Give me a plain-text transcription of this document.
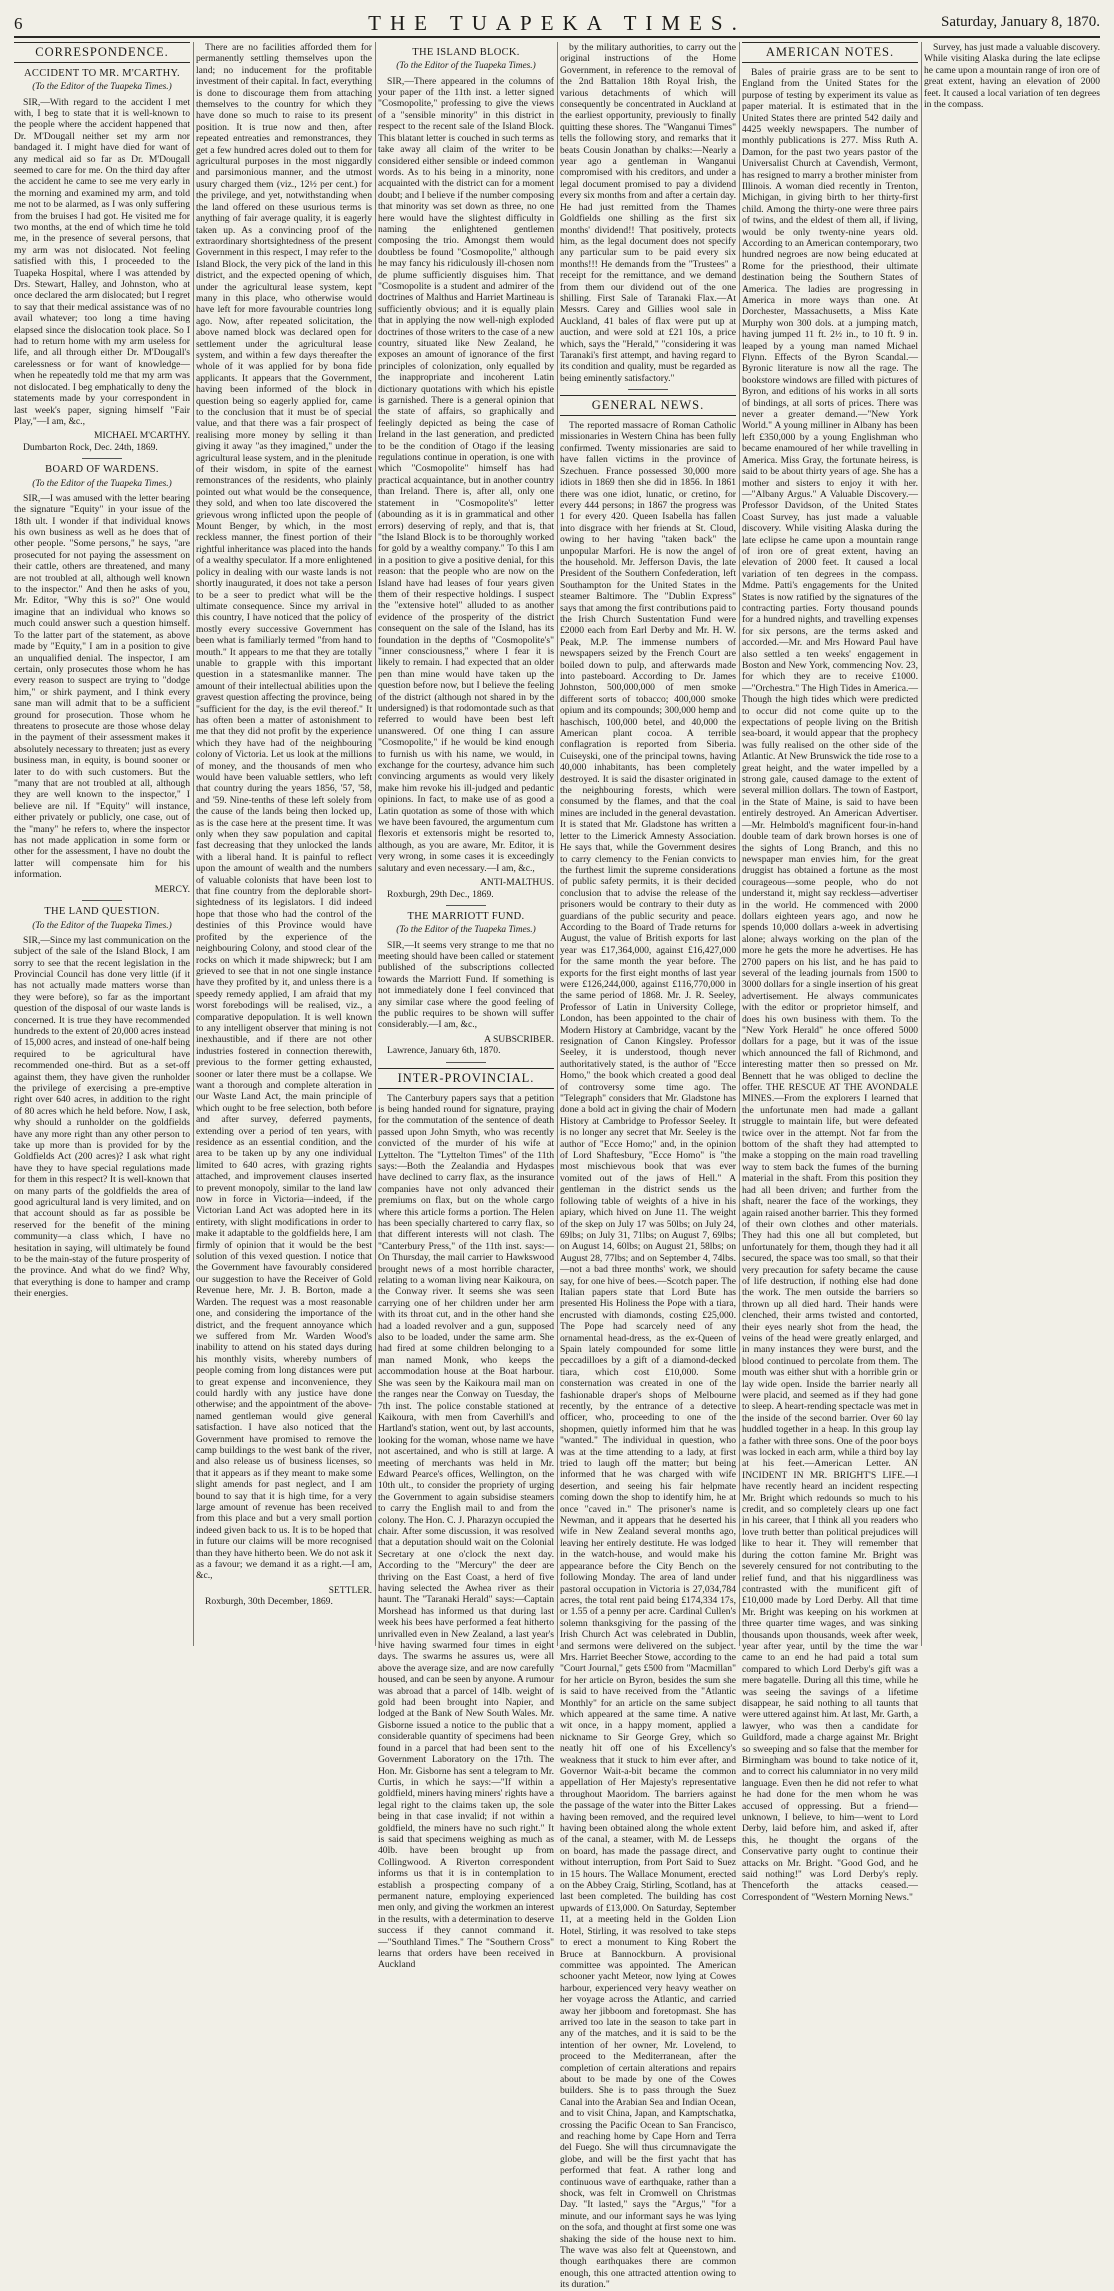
6	THE TUAPEKA TIMES.	Saturday, January 8, 1870.
CORRESPONDENCE.
ACCIDENT TO MR. M'CARTHY.
(To the Editor of the Tuapeka Times.)

SIR,—With regard to the accident I met with, I beg to state that it is well-known to the people where the accident happened that Dr. M'Dougall neither set my arm nor bandaged it. I might have died for want of any medical aid so far as Dr. M'Dougall seemed to care for me. On the third day after the accident he came to see me very early in the morning and examined my arm, and told me not to be alarmed, as I was only suffering from the bruises I had got. He visited me for two months, at the end of which time he told me, in the presence of several persons, that my arm was not dislocated. Not feeling satisfied with this, I proceeded to the Tuapeka Hospital, where I was attended by Drs. Stewart, Halley, and Johnston, who at once declared the arm dislocated; but I regret to say that their medical assistance was of no avail whatever; too long a time having elapsed since the dislocation took place. So I had to return home with my arm useless for life, and all through either Dr. M'Dougall's carelessness or for want of knowledge—when he repeatedly told me that my arm was not dislocated. I beg emphatically to deny the statements made by your correspondent in last week's paper, signing himself "Fair Play,"—I am, &c.,

MICHAEL M'CARTHY.

Dumbarton Rock, Dec. 24th, 1869.

BOARD OF WARDENS.
(To the Editor of the Tuapeka Times.)

SIR,—I was amused with the letter bearing the signature "Equity" in your issue of the 18th ult. I wonder if that individual knows his own business as well as he does that of other people. "Some persons," he says, "are prosecuted for not paying the assessment on their cattle, others are threatened, and many are not troubled at all, although well known to the inspector." And then he asks of you, Mr. Editor, "Why this is so?" One would imagine that an individual who knows so much could answer such a question himself. To the latter part of the statement, as above made by "Equity," I am in a position to give an unqualified denial. The inspector, I am certain, only prosecutes those whom he has every reason to suspect are trying to "dodge him," or shirk payment, and I think every sane man will admit that to be a sufficient ground for prosecution. Those whom he threatens to prosecute are those whose delay in the payment of their assessment makes it absolutely necessary to threaten; just as every business man, in equity, is bound sooner or later to do with such customers. But the "many that are not troubled at all, although they are well known to the inspector," I believe are nil. If "Equity" will instance, either privately or publicly, one case, out of the "many" he refers to, where the inspector has not made application in some form or other for the assessment, I have no doubt the latter will compensate him for his information.

MERCY.
THE LAND QUESTION.
(To the Editor of the Tuapeka Times.)

SIR,—Since my last communication on the subject of the sale of the Island Block, I am sorry to see that the recent legislation in the Provincial Council has done very little (if it has not actually made matters worse than they were before), so far as the important question of the disposal of our waste lands is concerned. It is true they have recommended hundreds to the extent of 20,000 acres instead of 15,000 acres, and instead of one-half being required to be agricultural have recommended one-third. But as a set-off against them, they have given the runholder the privilege of exercising a pre-emptive right over 640 acres, in addition to the right of 80 acres which he held before. Now, I ask, why should a runholder on the goldfields have any more right than any other person to take up more than is provided for by the Goldfields Act (200 acres)? I ask what right have they to have special regulations made for them in this respect? It is well-known that on many parts of the goldfields the area of good agricultural land is very limited, and on that account should as far as possible be reserved for the benefit of the mining community—a class which, I have no hesitation in saying, will ultimately be found to be the main-stay of the future prosperity of the province. And what do we find? Why, that everything is done to hamper and cramp their energies.

There are no facilities afforded them for permanently settling themselves upon the land; no inducement for the profitable investment of their capital. In fact, everything is done to discourage them from attaching themselves to the country for which they have done so much to raise to its present position. It is true now and then, after repeated entreaties and remonstrances, they get a few hundred acres doled out to them for agricultural purposes in the most niggardly and parsimonious manner, and the utmost usury charged them (viz., 12½ per cent.) for the privilege, and yet, notwithstanding when the land offered on these usurious terms is anything of fair average quality, it is eagerly taken up. As a convincing proof of the extraordinary shortsightedness of the present Government in this respect, I may refer to the Island Block, the very pick of the land in this district, and the expected opening of which, under the agricultural lease system, kept many in this place, who otherwise would have left for more favourable countries long ago. Now, after repeated solicitation, the above named block was declared open for settlement under the agricultural lease system, and within a few days thereafter the whole of it was applied for by bona fide applicants. It appears that the Government, having been informed of the block in question being so eagerly applied for, came to the conclusion that it must be of special value, and that there was a fair prospect of realising more money by selling it than giving it away "as they imagined," under the agricultural lease system, and in the plenitude of their wisdom, in spite of the earnest remonstrances of the residents, who plainly pointed out what would be the consequence, they sold, and when too late discovered the grievous wrong inflicted upon the people of Mount Benger, by which, in the most reckless manner, the finest portion of their rightful inheritance was placed into the hands of a wealthy speculator. If a more enlightened policy in dealing with our waste lands is not shortly inaugurated, it does not take a person to be a seer to predict what will be the ultimate consequence. Since my arrival in this country, I have noticed that the policy of mostly every successive Government has been what is familiarly termed "from hand to mouth." It appears to me that they are totally unable to grapple with this important question in a statesmanlike manner. The amount of their intellectual abilities upon the gravest question affecting the province, being "sufficient for the day, is the evil thereof." It has often been a matter of astonishment to me that they did not profit by the experience which they have had of the neighbouring colony of Victoria. Let us look at the millions of money, and the thousands of men who would have been valuable settlers, who left that country during the years 1856, '57, '58, and '59. Nine-tenths of these left solely from the cause of the lands being then locked up, as is the case here at the present time. It was only when they saw population and capital fast decreasing that they unlocked the lands with a liberal hand. It is painful to reflect upon the amount of wealth and the numbers of valuable colonists that have been lost to that fine country from the deplorable short-sightedness of its legislators. I did indeed hope that those who had the control of the destinies of this Province would have profited by the experience of the neighbouring Colony, and stood clear of the rocks on which it made shipwreck; but I am grieved to see that in not one single instance have they profited by it, and unless there is a speedy remedy applied, I am afraid that my worst forebodings will be realised, viz., a comparative depopulation. It is well known to any intelligent observer that mining is not inexhaustible, and if there are not other industries fostered in connection therewith, previous to the former getting exhausted, sooner or later there must be a collapse. We want a thorough and complete alteration in our Waste Land Act, the main principle of which ought to be free selection, both before and after survey, deferred payments, extending over a period of ten years, with residence as an essential condition, and the area to be taken up by any one individual limited to 640 acres, with grazing rights attached, and improvement clauses inserted to prevent monopoly, similar to the land law now in force in Victoria—indeed, if the Victorian Land Act was adopted here in its entirety, with slight modifications in order to make it adaptable to the goldfields here, I am firmly of opinion that it would be the best solution of this vexed question. I notice that the Government have favourably considered our suggestion to have the Receiver of Gold Revenue here, Mr. J. B. Borton, made a Warden. The request was a most reasonable one, and considering the importance of the district, and the frequent annoyance which we suffered from Mr. Warden Wood's inability to attend on his stated days during his monthly visits, whereby numbers of people coming from long distances were put to great expense and inconvenience, they could hardly with any justice have done otherwise; and the appointment of the above-named gentleman would give general satisfaction. I have also noticed that the Government have promised to remove the camp buildings to the west bank of the river, and also release us of business licenses, so that it appears as if they meant to make some slight amends for past neglect, and I am bound to say that it is high time, for a very large amount of revenue has been received from this place and but a very small portion indeed given back to us. It is to be hoped that in future our claims will be more recognised than they have hitherto been. We do not ask it as a favour; we demand it as a right.—I am, &c.,

SETTLER.

Roxburgh, 30th December, 1869.

THE ISLAND BLOCK.
(To the Editor of the Tuapeka Times.)

SIR,—There appeared in the columns of your paper of the 11th inst. a letter signed "Cosmopolite," professing to give the views of a "sensible minority" in this district in respect to the recent sale of the Island Block. This blatant letter is couched in such terms as take away all claim of the writer to be considered either sensible or indeed common words. As to his being in a minority, none acquainted with the district can for a moment doubt; and I believe if the number composing that minority was set down as three, no one here would have the slightest difficulty in naming the enlightened gentlemen composing the trio. Amongst them would doubtless be found "Cosmopolite," although he may fancy his ridiculously ill-chosen nom de plume sufficiently disguises him. That "Cosmopolite is a student and admirer of the doctrines of Malthus and Harriet Martineau is sufficiently obvious; and it is equally plain that in applying the now well-nigh exploded doctrines of those writers to the case of a new country, situated like New Zealand, he exposes an amount of ignorance of the first principles of colonization, only equalled by the inappropriate and incoherent Latin dictionary quotations with which his epistle is garnished. There is a general opinion that the state of affairs, so graphically and feelingly depicted as being the case of Ireland in the last generation, and predicted to be the condition of Otago if the leasing regulations continue in operation, is one with which "Cosmopolite" himself has had practical acquaintance, but in another country than Ireland. There is, after all, only one statement in "Cosmopolite's" letter (abounding as it is in grammatical and other errors) deserving of reply, and that is, that "the Island Block is to be thoroughly worked for gold by a wealthy company." To this I am in a position to give a positive denial, for this reason: that the people who are now on the Island have had leases of four years given them of their respective holdings. I suspect the "extensive hotel" alluded to as another evidence of the prosperity of the district consequent on the sale of the Island, has its foundation in the depths of "Cosmopolite's" "inner consciousness," where I fear it is likely to remain. I had expected that an older pen than mine would have taken up the question before now, but I believe the feeling of the district (although not shared in by the undersigned) is that rodomontade such as that referred to would have been best left unanswered. Of one thing I can assure "Cosmopolite," if he would be kind enough to furnish us with his name, we would, in exchange for the courtesy, advance him such convincing arguments as would very likely make him revoke his ill-judged and pedantic opinions. In fact, to make use of as good a Latin quotation as some of those with which we have been favoured, the argumentum cum flexoris et extensoris might be resorted to, although, as you are aware, Mr. Editor, it is very wrong, in some cases it is exceedingly salutary and even necessary.—I am, &c.,

ANTI-MALTHUS.

Roxburgh, 29th Dec., 1869.

THE MARRIOTT FUND.
(To the Editor of the Tuapeka Times.)

SIR,—It seems very strange to me that no meeting should have been called or statement published of the subscriptions collected towards the Marriott Fund. If something is not immediately done I feel convinced that any similar case where the good feeling of the public requires to be shown will suffer considerably.—I am, &c.,

A SUBSCRIBER.

Lawrence, January 6th, 1870.

INTER-PROVINCIAL.

The Canterbury papers says that a petition is being handed round for signature, praying for the commutation of the sentence of death passed upon John Smyth, who was recently convicted of the murder of his wife at Lyttelton. The "Lyttelton Times" of the 11th says:—Both the Zealandia and Hydaspes have declined to carry flax, as the insurance companies have not only advanced their premiums on flax, but on the whole cargo where this article forms a portion. The Helen has been specially chartered to carry flax, so that different interests will not clash. The "Canterbury Press," of the 11th inst. says:—On Thursday, the mail carrier to Hawkswood brought news of a most horrible character, relating to a woman living near Kaikoura, on the Conway river. It seems she was seen carrying one of her children under her arm with its throat cut, and in the other hand she had a loaded revolver and a gun, supposed also to be loaded, under the same arm. She had fired at some children belonging to a man named Monk, who keeps the accommodation house at the Boat harbour. She was seen by the Kaikoura mail man on the ranges near the Conway on Tuesday, the 7th inst. The police constable stationed at Kaikoura, with men from Caverhill's and Hartland's station, went out, by last accounts, looking for the woman, whose name we have not ascertained, and who is still at large. A meeting of merchants was held in Mr. Edward Pearce's offices, Wellington, on the 10th ult., to consider the propriety of urging the Government to again subsidise steamers to carry the English mail to and from the colony. The Hon. C. J. Pharazyn occupied the chair. After some discussion, it was resolved that a deputation should wait on the Colonial Secretary at one o'clock the next day. According to the "Mercury" the deer are thriving on the East Coast, a herd of five having selected the Awhea river as their haunt. The "Taranaki Herald" says:—Captain Morshead has informed us that during last week his bees have performed a feat hitherto unrivalled even in New Zealand, a last year's hive having swarmed four times in eight days. The swarms he assures us, were all above the average size, and are now carefully housed, and can be seen by anyone. A rumour was abroad that a parcel of 14lb. weight of gold had been brought into Napier, and lodged at the Bank of New South Wales. Mr. Gisborne issued a notice to the public that a considerable quantity of specimens had been found in a parcel that had been sent to the Government Laboratory on the 17th. The Hon. Mr. Gisborne has sent a telegram to Mr. Curtis, in which he says:—"If within a goldfield, miners having miners' rights have a legal right to the claims taken up, the sole being in that case invalid; if not within a goldfield, the miners have no such right." It is said that specimens weighing as much as 40lb. have been brought up from Collingwood. A Riverton correspondent informs us that it is in contemplation to establish a prospecting company of a permanent nature, employing experienced men only, and giving the workmen an interest in the results, with a determination to deserve success if they cannot command it.—"Southland Times." The "Southern Cross" learns that orders have been received in Auckland

by the military authorities, to carry out the original instructions of the Home Government, in reference to the removal of the 2nd Battalion 18th Royal Irish, the various detachments of which will consequently be concentrated in Auckland at the earliest opportunity, previously to finally quitting these shores. The "Wanganui Times" tells the following story, and remarks that it beats Cousin Jonathan by chalks:—Nearly a year ago a gentleman in Wanganui compromised with his creditors, and under a legal document promised to pay a dividend every six months from and after a certain day. He had just remitted from the Thames Goldfields one shilling as the first six months' dividend!! That positively, protects him, as the legal document does not specify any particular sum to be paid every six months!!! He demands from the "Trustees" a receipt for the remittance, and we demand from them our dividend out of the one shilling. First Sale of Taranaki Flax.—At Messrs. Carey and Gillies wool sale in Auckland, 41 bales of flax were put up at auction, and were sold at £21 10s, a price which, says the "Herald," "considering it was Taranaki's first attempt, and having regard to its condition and quality, must be regarded as being eminently satisfactory."

GENERAL NEWS.

The reported massacre of Roman Catholic missionaries in Western China has been fully confirmed. Twenty missionaries are said to have fallen victims in the province of Szechuen. France possessed 30,000 more idiots in 1869 then she did in 1856. In 1861 there was one idiot, lunatic, or cretino, for every 444 persons; in 1867 the progress was 1 for every 420. Queen Isabella has fallen into disgrace with her friends at St. Cloud, owing to her having "taken back" the unpopular Marfori. He is now the angel of the household. Mr. Jefferson Davis, the late President of the Southern Confederation, left Southampton for the United States in the steamer Baltimore. The "Dublin Express" says that among the first contributions paid to the Irish Church Sustentation Fund were £2000 each from Earl Derby and Mr. H. W. Peak, M.P. The immense numbers of newspapers seized by the French Court are boiled down to pulp, and afterwards made into pasteboard. According to Dr. James Johnston, 500,000,000 of men smoke different sorts of tobacco; 400,000 smoke opium and its compounds; 300,000 hemp and haschisch, 100,000 betel, and 40,000 the American plant cocoa. A terrible conflagration is reported from Siberia. Cuiseyski, one of the principal towns, having 40,000 inhabitants, has been completely destroyed. It is said the disaster originated in the neighbouring forests, which were consumed by the flames, and that the coal mines are included in the general devastation. It is stated that Mr. Gladstone has written a letter to the Limerick Amnesty Association. He says that, while the Government desires to carry clemency to the Fenian convicts to the furthest limit the supreme considerations of public safety permits, it is their decided conclusion that to advise the release of the prisoners would be contrary to their duty as guardians of the public security and peace. According to the Board of Trade returns for August, the value of British exports for last year was £17,364,000, against £16,427,000 for the same month the year before. The exports for the first eight months of last year were £126,244,000, against £116,770,000 in the same period of 1868. Mr. J. R. Seeley, Professor of Latin in University College, London, has been appointed to the chair of Modern History at Cambridge, vacant by the resignation of Canon Kingsley. Professor Seeley, it is understood, though never authoritatively stated, is the author of "Ecce Homo," the book which created a good deal of controversy some time ago. The "Telegraph" considers that Mr. Gladstone has done a bold act in giving the chair of Modern History at Cambridge to Professor Seeley. It is no longer any secret that Mr. Seeley is the author of "Ecce Homo;" and, in the opinion of Lord Shaftesbury, "Ecce Homo" is "the most mischievous book that was ever vomited out of the jaws of Hell." A gentleman in the district sends us the following table of weights of a hive in his apiary, which hived on June 11. The weight of the skep on July 17 was 50lbs; on July 24, 69lbs; on July 31, 71lbs; on August 7, 69lbs; on August 14, 60lbs; on August 21, 58lbs; on August 28, 77lbs; and on September 4, 74lbs.—not a bad three months' work, we should say, for one hive of bees.—Scotch paper. The Italian papers state that Lord Bute has presented His Holiness the Pope with a tiara, encrusted with diamonds, costing £25,000. The Pope had scarcely need of any ornamental head-dress, as the ex-Queen of Spain lately compounded for some little peccadilloes by a gift of a diamond-decked tiara, which cost £10,000. Some consternation was created in one of the fashionable draper's shops of Melbourne recently, by the entrance of a detective officer, who, proceeding to one of the shopmen, quietly informed him that he was "wanted." The individual in question, who was at the time attending to a lady, at first tried to laugh off the matter; but being informed that he was charged with wife desertion, and seeing his fair helpmate coming down the shop to identify him, he at once "caved in." The prisoner's name is Newman, and it appears that he deserted his wife in New Zealand several months ago, leaving her entirely destitute. He was lodged in the watch-house, and would make his appearance before the City Bench on the following Monday. The area of land under pastoral occupation in Victoria is 27,034,784 acres, the total rent paid being £174,334 17s, or 1.55 of a penny per acre. Cardinal Cullen's solemn thanksgiving for the passing of the Irish Church Act was celebrated in Dublin, and sermons were delivered on the subject. Mrs. Harriet Beecher Stowe, according to the "Court Journal," gets £500 from "Macmillan" for her article on Byron, besides the sum she is said to have received from the "Atlantic Monthly" for an article on the same subject which appeared at the same time. A native wit once, in a happy moment, applied a nickname to Sir George Grey, which so neatly hit off one of his Excellency's weakness that it stuck to him ever after, and Governor Wait-a-bit became the common appellation of Her Majesty's representative throughout Maoridom. The barriers against the passage of the water into the Bitter Lakes having been removed, and the required level having been obtained along the whole extent of the canal, a steamer, with M. de Lesseps on board, has made the passage direct, and without interruption, from Port Said to Suez in 15 hours. The Wallace Monument, erected on the Abbey Craig, Stirling, Scotland, has at last been completed. The building has cost upwards of £13,000. On Saturday, September 11, at a meeting held in the Golden Lion Hotel, Stirling, it was resolved to take steps to erect a monument to King Robert the Bruce at Bannockburn. A provisional committee was appointed. The American schooner yacht Meteor, now lying at Cowes harbour, experienced very heavy weather on her voyage across the Atlantic, and carried away her jibboom and foretopmast. She has arrived too late in the season to take part in any of the matches, and it is said to be the intention of her owner, Mr. Lovelend, to proceed to the Mediterranean, after the completion of certain alterations and repairs about to be made by one of the Cowes builders. She is to pass through the Suez Canal into the Arabian Sea and Indian Ocean, and to visit China, Japan, and Kamptschatka, crossing the Pacific Ocean to San Francisco, and reaching home by Cape Horn and Terra del Fuego. She will thus circumnavigate the globe, and will be the first yacht that has performed that feat. A rather long and continuous wave of earthquake, rather than a shock, was felt in Cromwell on Christmas Day. "It lasted," says the "Argus," "for a minute, and our informant says he was lying on the sofa, and thought at first some one was shaking the side of the house next to him. The wave was also felt at Queenstown, and though earthquakes there are common enough, this one attracted attention owing to its duration."

AMERICAN NOTES.

Bales of prairie grass are to be sent to England from the United States for the purpose of testing by experiment its value as paper material. It is estimated that in the United States there are printed 542 daily and 4425 weekly newspapers. The number of monthly publications is 277. Miss Ruth A. Damon, for the past two years pastor of the Universalist Church at Cavendish, Vermont, has resigned to marry a brother minister from Illinois. A woman died recently in Trenton, Michigan, in giving birth to her thirty-first child. Among the thirty-one were three pairs of twins, and the eldest of them all, if living, would be only twenty-nine years old. According to an American contemporary, two hundred negroes are now being educated at Rome for the priesthood, their ultimate destination being the Southern States of America. The ladies are progressing in America in more ways than one. At Dorchester, Massachusetts, a Miss Kate Murphy won 300 dols. at a jumping match, having jumped 11 ft. 2½ in., to 10 ft. 9 in. leaped by a young man named Michael Flynn. Effects of the Byron Scandal.—Byronic literature is now all the rage. The bookstore windows are filled with pictures of Byron, and editions of his works in all sorts of bindings, at all sorts of prices. There was never a greater demand.—"New York World." A young milliner in Albany has been left £350,000 by a young Englishman who became enamoured of her while travelling in America. Miss Gray, the fortunate heiress, is said to be about thirty years of age. She has a mother and sisters to enjoy it with her.—"Albany Argus." A Valuable Discovery.—Professor Davidson, of the United States Coast Survey, has just made a valuable discovery. While visiting Alaska during the late eclipse he came upon a mountain range of iron ore of great extent, having an elevation of 2000 feet. It caused a local variation of ten degrees in the compass. Mdme. Patti's engagements for the United States is now ratified by the signatures of the contracting parties. Forty thousand pounds for a hundred nights, and travelling expenses for six persons, are the terms asked and accorded.—Mr. and Mrs Howard Paul have also settled a ten weeks' engagement in Boston and New York, commencing Nov. 23, for which they are to receive £1000.—"Orchestra." The High Tides in America.—Though the high tides which were predicted to occur did not come quite up to the expectations of people living on the British sea-board, it would appear that the prophecy was fully realised on the other side of the Atlantic. At New Brunswick the tide rose to a great height, and the water impelled by a strong gale, caused damage to the extent of several million dollars. The town of Eastport, in the State of Maine, is said to have been entirely destroyed. An American Advertiser.—Mr. Helmbold's magnificent four-in-hand double team of dark brown horses is one of the sights of Long Branch, and this no newspaper man envies him, for the great druggist has obtained a fortune as the most courageous—some people, who do not understand it, might say reckless—advertiser in the world. He commenced with 2000 dollars eighteen years ago, and now he spends 10,000 dollars a-week in advertising alone; always working on the plan of the more he gets the more he advertises. He has 2700 papers on his list, and he has paid to several of the leading journals from 1500 to 3000 dollars for a single insertion of his great advertisement. He always communicates with the editor or proprietor himself, and does his own business with them. To the "New York Herald" he once offered 5000 dollars for a page, but it was of the issue which announced the fall of Richmond, and interesting matter then so pressed on Mr. Bennett that he was obliged to decline the offer. THE RESCUE AT THE AVONDALE MINES.—From the explorers I learned that the unfortunate men had made a gallant struggle to maintain life, but were defeated twice over in the attempt. Not far from the bottom of the shaft they had attempted to make a stopping on the main road travelling way to stem back the fumes of the burning material in the shaft. From this position they had all been driven; and further from the shaft, nearer the face of the workings, they again raised another barrier. This they formed of their own clothes and other materials. They had this one all but completed, but unfortunately for them, though they had it all secured, the space was too small, so that their very precaution for safety became the cause of life destruction, if nothing else had done the work. The men outside the barriers so thrown up all died hard. Their hands were clenched, their arms twisted and contorted, their eyes nearly shot from the head, the veins of the head were greatly enlarged, and in many instances they were burst, and the blood continued to percolate from them. The mouth was either shut with a horrible grin or lay wide open. Inside the barrier nearly all were placid, and seemed as if they had gone to sleep. A heart-rending spectacle was met in the inside of the second barrier. Over 60 lay huddled together in a heap. In this group lay a father with three sons. One of the poor boys was locked in each arm, while a third boy lay at his feet.—American Letter. AN INCIDENT IN MR. BRIGHT'S LIFE.—I have recently heard an incident respecting Mr. Bright which redounds so much to his credit, and so completely clears up one fact in his career, that I think all you readers who love truth better than political prejudices will like to hear it. They will remember that during the cotton famine Mr. Bright was severely censured for not contributing to the relief fund, and that his niggardliness was contrasted with the munificent gift of £10,000 made by Lord Derby. All that time Mr. Bright was keeping on his workmen at three quarter time wages, and was sinking thousands upon thousands, week after week, year after year, until by the time the war came to an end he had paid a total sum compared to which Lord Derby's gift was a mere bagatelle. During all this time, while he was seeing the savings of a lifetime disappear, he said nothing to all taunts that were uttered against him. At last, Mr. Garth, a lawyer, who was then a candidate for Guildford, made a charge against Mr. Bright so sweeping and so false that the member for Birmingham was bound to take notice of it, and to correct his calumniator in no very mild language. Even then he did not refer to what he had done for the men whom he was accused of oppressing. But a friend—unknown, I believe, to him—went to Lord Derby, laid before him, and asked if, after this, he thought the organs of the Conservative party ought to continue their attacks on Mr. Bright. "Good God, and he said nothing!" was Lord Derby's reply. Thenceforth the attacks ceased.—Correspondent of "Western Morning News."

Survey, has just made a valuable discovery. While visiting Alaska during the late eclipse he came upon a mountain range of iron ore of great extent, having an elevation of 2000 feet. It caused a local variation of ten degrees in the compass.
